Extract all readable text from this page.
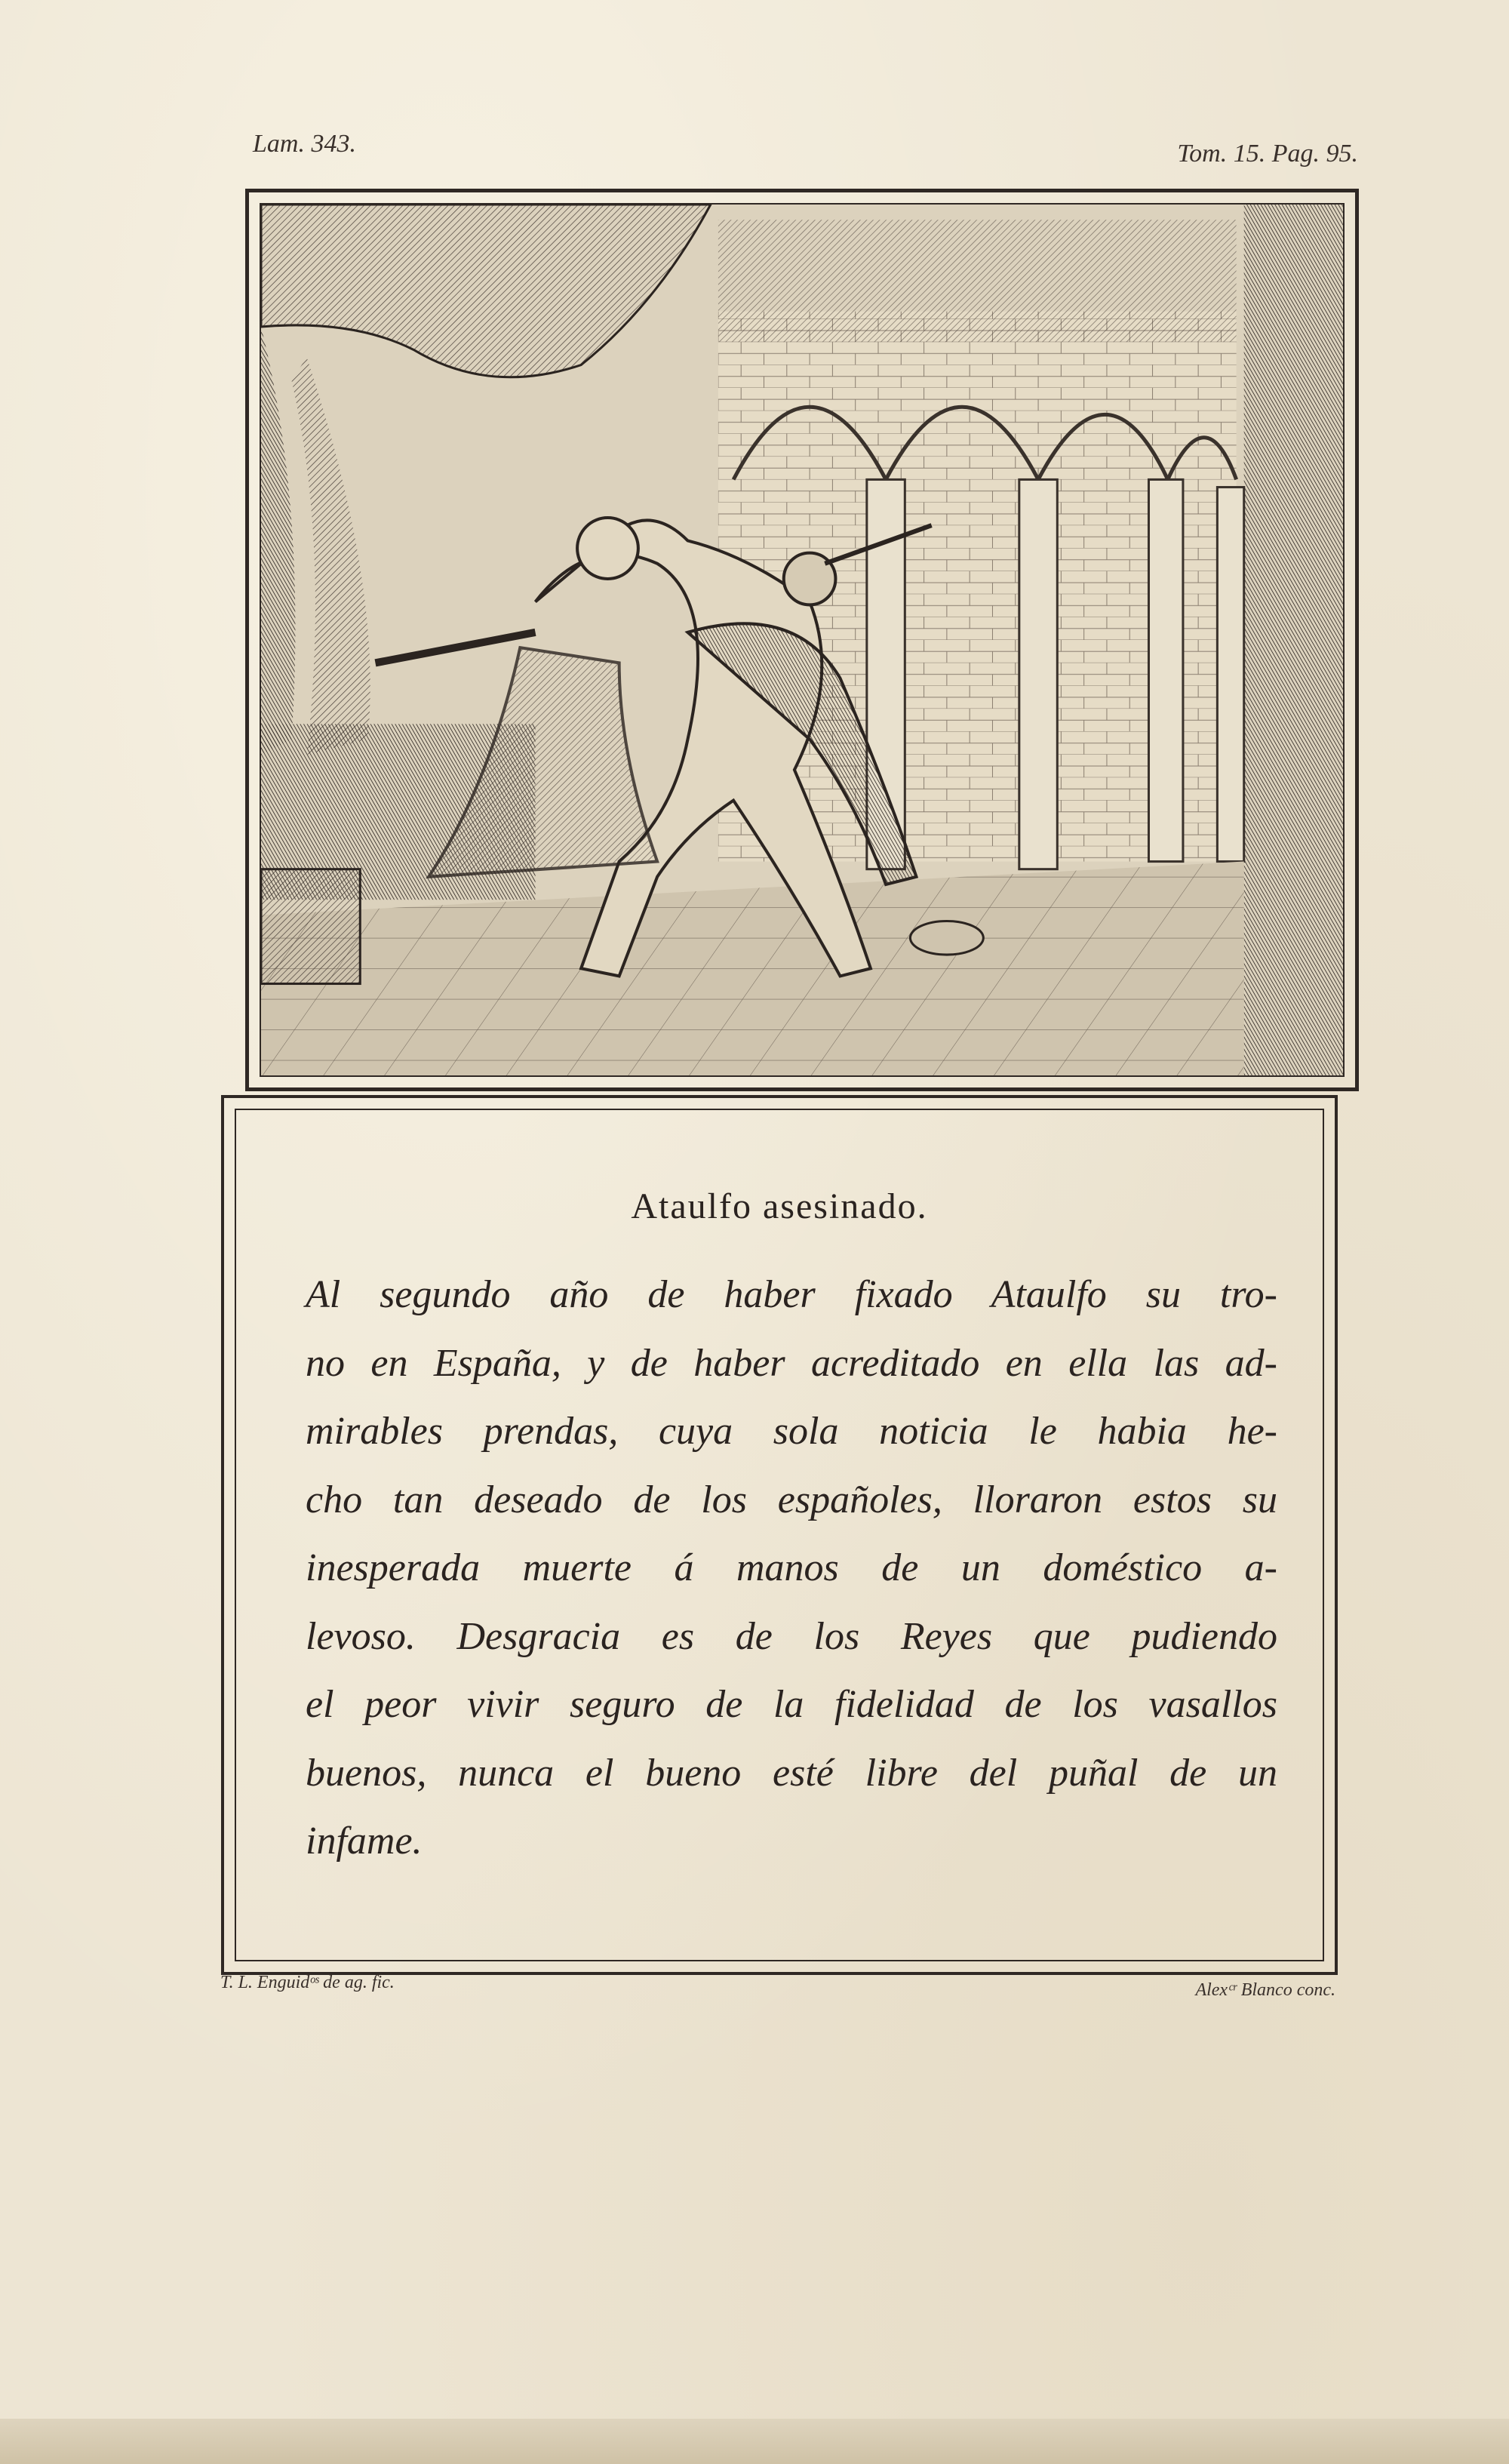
Lam. 343.	Tom. 15. Pag. 95.
Ataulfo asesinado.
Al segundo año de haber fixado Ataulfo su tro-
no en España, y de haber acreditado en ella las ad-
mirables prendas, cuya sola noticia le habia he-
cho tan deseado de los españoles, lloraron estos su
inesperada muerte á manos de un doméstico a-
levoso. Desgracia es de los Reyes que pudiendo
el peor vivir seguro de la fidelidad de los vasallos
buenos, nunca el bueno esté libre del puñal de un
infame.
T. L. Enguidᵒˢ de ag. fic.	Alexᶜʳ Blanco conc.
